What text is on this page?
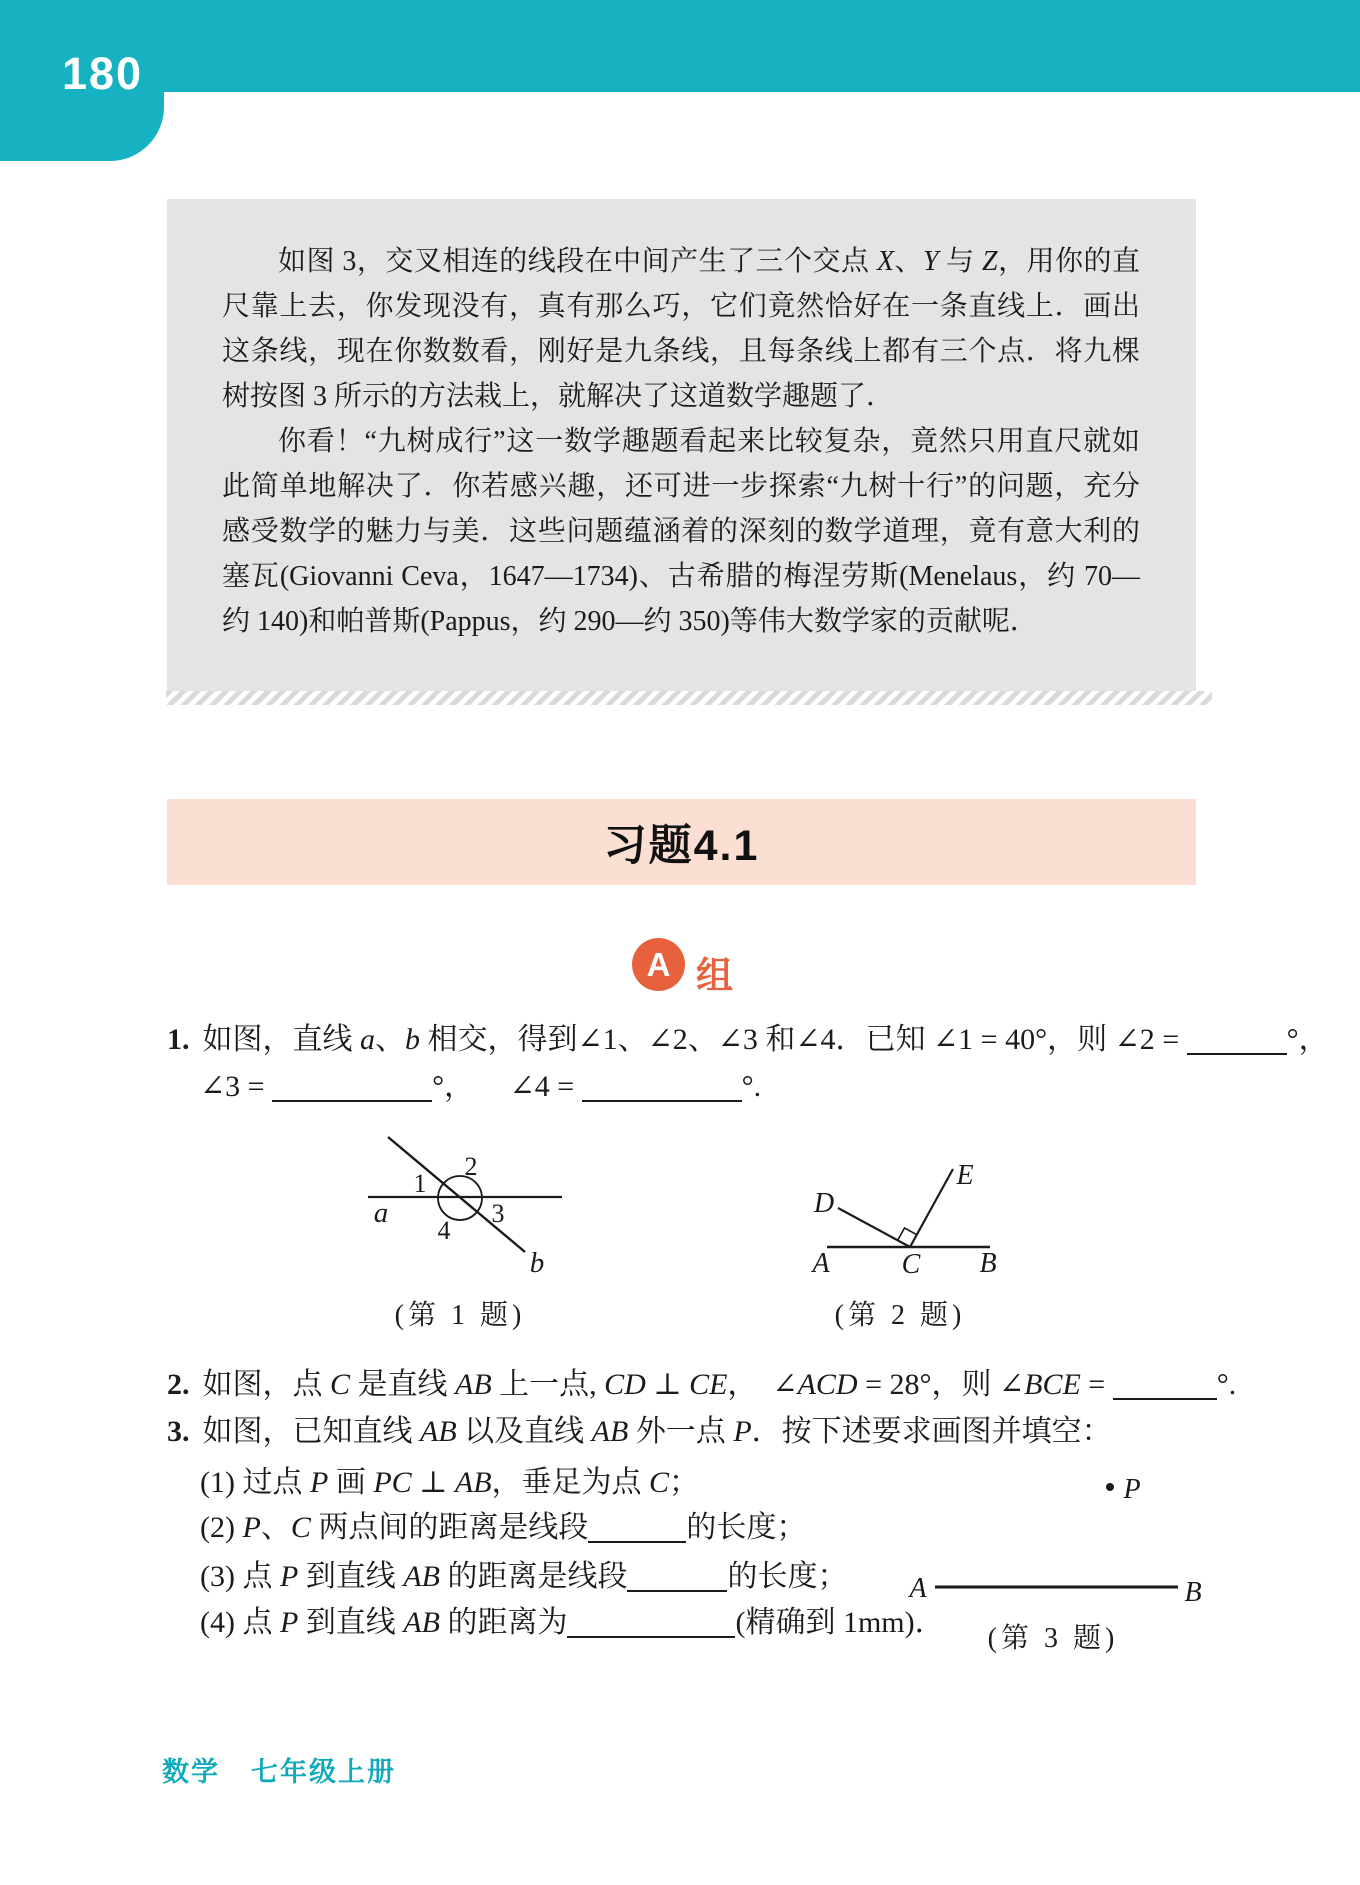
180

如图 3，交叉相连的线段在中间产生了三个交点 X、Y 与 Z，用你的直尺靠上去，你发现没有，真有那么巧，它们竟然恰好在一条直线上．画出这条线，现在你数数看，刚好是九条线，且每条线上都有三个点．将九棵树按图 3 所示的方法栽上，就解决了这道数学趣题了．

你看！“九树成行”这一数学趣题看起来比较复杂，竟然只用直尺就如此简单地解决了．你若感兴趣，还可进一步探索“九树十行”的问题，充分感受数学的魅力与美．这些问题蕴涵着的深刻的数学道理，竟有意大利的塞瓦(Giovanni Ceva，1647—1734)、古希腊的梅涅劳斯(Menelaus，约 70—约 140)和帕普斯(Pappus，约 290—约 350)等伟大数学家的贡献呢．

习题4.1
A 组
1. 如图，直线 a、b 相交，得到∠1、∠2、∠3 和∠4．已知 ∠1 = 40°，则 ∠2 =	°，
∠3 =	°， ∠4 =	°.
1
2
3
4
a
b
(第 1 题)
A	C B
D
E
(第 2 题)
2. 如图，点 C 是直线 AB 上一点, CD ⊥ CE，　∠ACD = 28°，则 ∠BCE =	°.
3. 如图，已知直线 AB 以及直线 AB 外一点 P．按下述要求画图并填空：
(1) 过点 P 画 PC ⊥ AB，垂足为点 C；
(2) P、C 两点间的距离是线段	的长度；
(3) 点 P 到直线 AB 的距离是线段	的长度；
(4) 点 P 到直线 AB 的距离为	(精确到 1mm)．
P
A	B
(第 3 题)
数学 七年级上册
